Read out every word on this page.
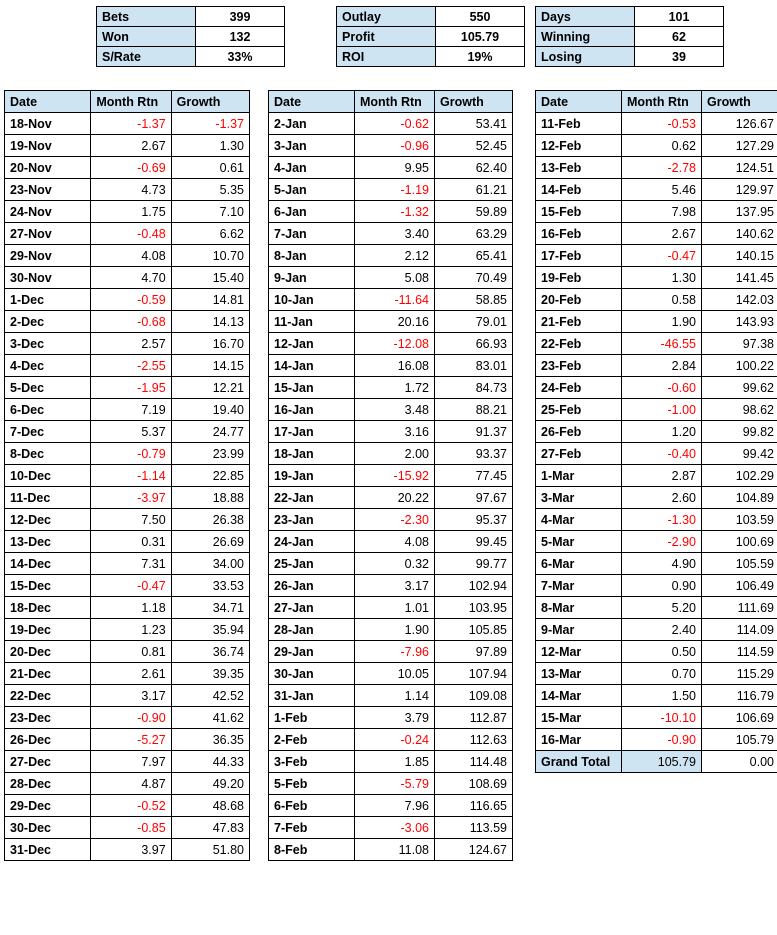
Bets	399
Won	132
S/Rate	33%
Outlay	550
Profit	105.79
ROI	19%
Days	101
Winning	62
Losing	39
Date	Month Rtn	Growth
18-Nov	-1.37	-1.37
19-Nov	2.67	1.30
20-Nov	-0.69	0.61
23-Nov	4.73	5.35
24-Nov	1.75	7.10
27-Nov	-0.48	6.62
29-Nov	4.08	10.70
30-Nov	4.70	15.40
1-Dec	-0.59	14.81
2-Dec	-0.68	14.13
3-Dec	2.57	16.70
4-Dec	-2.55	14.15
5-Dec	-1.95	12.21
6-Dec	7.19	19.40
7-Dec	5.37	24.77
8-Dec	-0.79	23.99
10-Dec	-1.14	22.85
11-Dec	-3.97	18.88
12-Dec	7.50	26.38
13-Dec	0.31	26.69
14-Dec	7.31	34.00
15-Dec	-0.47	33.53
18-Dec	1.18	34.71
19-Dec	1.23	35.94
20-Dec	0.81	36.74
21-Dec	2.61	39.35
22-Dec	3.17	42.52
23-Dec	-0.90	41.62
26-Dec	-5.27	36.35
27-Dec	7.97	44.33
28-Dec	4.87	49.20
29-Dec	-0.52	48.68
30-Dec	-0.85	47.83
31-Dec	3.97	51.80
Date	Month Rtn	Growth
2-Jan	-0.62	53.41
3-Jan	-0.96	52.45
4-Jan	9.95	62.40
5-Jan	-1.19	61.21
6-Jan	-1.32	59.89
7-Jan	3.40	63.29
8-Jan	2.12	65.41
9-Jan	5.08	70.49
10-Jan	-11.64	58.85
11-Jan	20.16	79.01
12-Jan	-12.08	66.93
14-Jan	16.08	83.01
15-Jan	1.72	84.73
16-Jan	3.48	88.21
17-Jan	3.16	91.37
18-Jan	2.00	93.37
19-Jan	-15.92	77.45
22-Jan	20.22	97.67
23-Jan	-2.30	95.37
24-Jan	4.08	99.45
25-Jan	0.32	99.77
26-Jan	3.17	102.94
27-Jan	1.01	103.95
28-Jan	1.90	105.85
29-Jan	-7.96	97.89
30-Jan	10.05	107.94
31-Jan	1.14	109.08
1-Feb	3.79	112.87
2-Feb	-0.24	112.63
3-Feb	1.85	114.48
5-Feb	-5.79	108.69
6-Feb	7.96	116.65
7-Feb	-3.06	113.59
8-Feb	11.08	124.67
Date	Month Rtn	Growth
11-Feb	-0.53	126.67
12-Feb	0.62	127.29
13-Feb	-2.78	124.51
14-Feb	5.46	129.97
15-Feb	7.98	137.95
16-Feb	2.67	140.62
17-Feb	-0.47	140.15
19-Feb	1.30	141.45
20-Feb	0.58	142.03
21-Feb	1.90	143.93
22-Feb	-46.55	97.38
23-Feb	2.84	100.22
24-Feb	-0.60	99.62
25-Feb	-1.00	98.62
26-Feb	1.20	99.82
27-Feb	-0.40	99.42
1-Mar	2.87	102.29
3-Mar	2.60	104.89
4-Mar	-1.30	103.59
5-Mar	-2.90	100.69
6-Mar	4.90	105.59
7-Mar	0.90	106.49
8-Mar	5.20	111.69
9-Mar	2.40	114.09
12-Mar	0.50	114.59
13-Mar	0.70	115.29
14-Mar	1.50	116.79
15-Mar	-10.10	106.69
16-Mar	-0.90	105.79
Grand Total	105.79	0.00
